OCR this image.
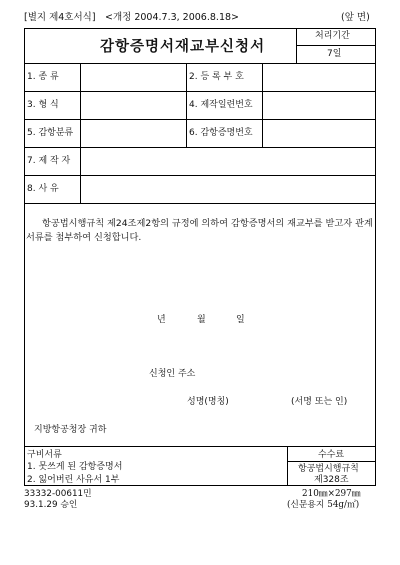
[별지 제4호서식] <개정 2004.7.3, 2006.8.18>	(앞 면)
감항증명서재교부신청서
처리기간
7일
1. 종 류	2. 등 록 부 호
3. 형 식	4. 제작일련번호
5. 감항분류	6. 감항증명번호
7. 제 작 자
8. 사 유

항공법시행규칙 제24조제2항의 규정에 의하여 감항증명서의 재교부를 받고자 관계서류를 첨부하여 신청합니다.

년	월	일
신청인 주소
성명(명칭)	(서명 또는 인)
지방항공청장 귀하
구비서류
1. 못쓰게 된 감항증명서
2. 잃어버린 사유서 1부
수수료
항공법시행규칙
제328조
33332-00611민
93.1.29 승인
210㎜×297㎜
(신문용지 54g/㎡)
